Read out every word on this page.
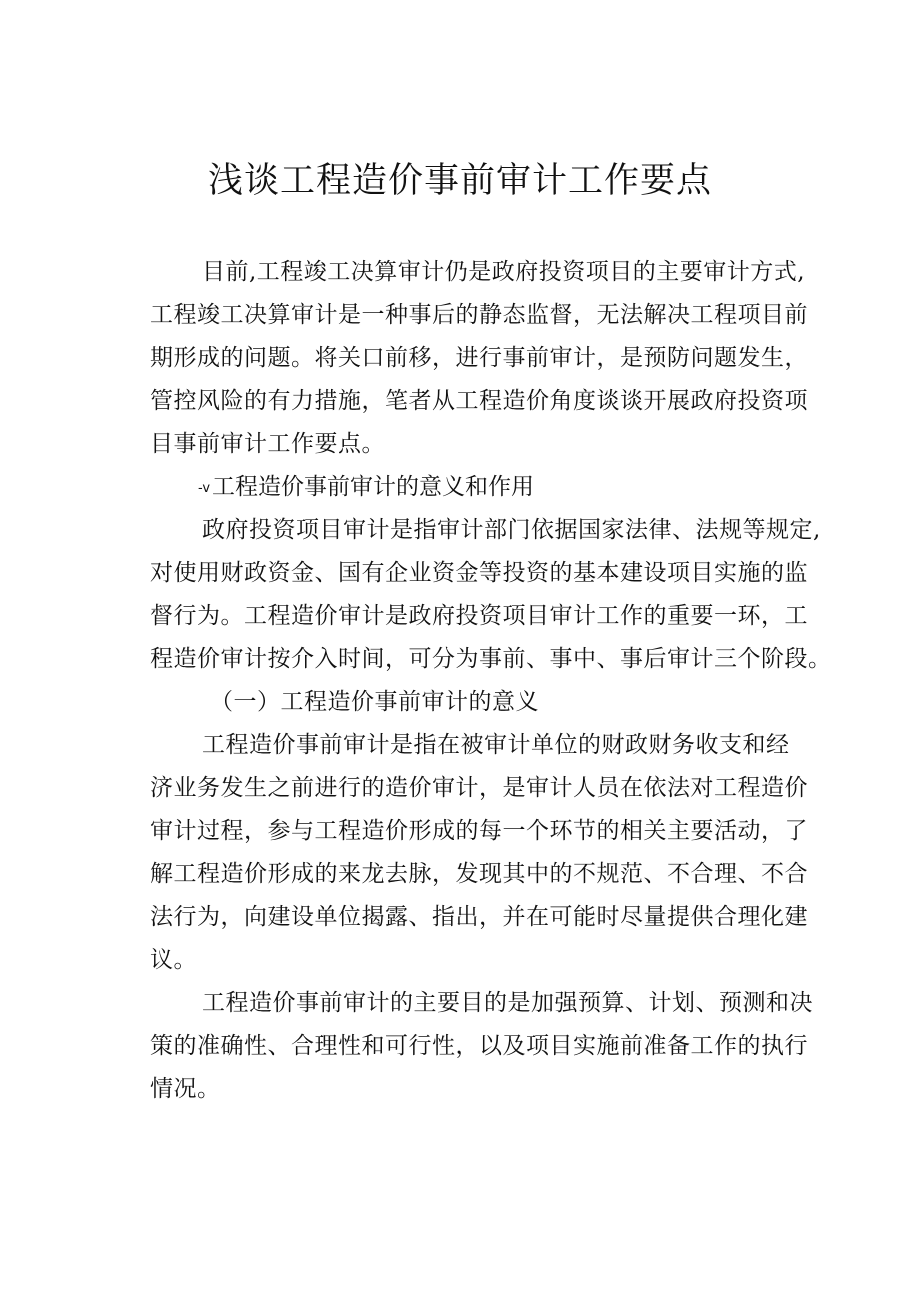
浅谈工程造价事前审计工作要点
目前,工程竣工决算审计仍是政府投资项目的主要审计方式,
工程竣工决算审计是一种事后的静态监督，无法解决工程项目前
期形成的问题。将关口前移，进行事前审计，是预防问题发生，
管控风险的有力措施，笔者从工程造价角度谈谈开展政府投资项
目事前审计工作要点。
-v工程造价事前审计的意义和作用
政府投资项目审计是指审计部门依据国家法律、法规等规定,
对使用财政资金、国有企业资金等投资的基本建设项目实施的监
督行为。工程造价审计是政府投资项目审计工作的重要一环，工
程造价审计按介入时间，可分为事前、事中、事后审计三个阶段。
（一）工程造价事前审计的意义
工程造价事前审计是指在被审计单位的财政财务收支和经
济业务发生之前进行的造价审计，是审计人员在依法对工程造价
审计过程，参与工程造价形成的每一个环节的相关主要活动，了
解工程造价形成的来龙去脉，发现其中的不规范、不合理、不合
法行为，向建设单位揭露、指出，并在可能时尽量提供合理化建
议。
工程造价事前审计的主要目的是加强预算、计划、预测和决
策的准确性、合理性和可行性，以及项目实施前准备工作的执行
情况。
